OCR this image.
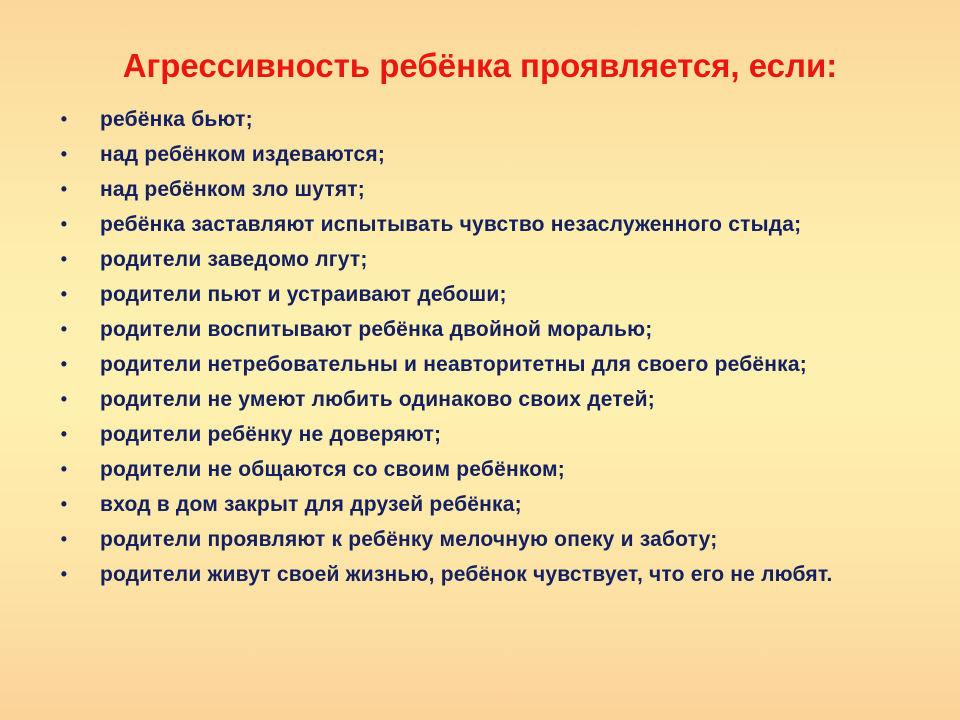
Агрессивность ребёнка проявляется, если:
•	ребёнка бьют;
•	над ребёнком издеваются;
•	над ребёнком зло шутят;
•	ребёнка заставляют испытывать чувство незаслуженного стыда;
•	родители заведомо лгут;
•	родители пьют и устраивают дебоши;
•	родители воспитывают ребёнка двойной моралью;
•	родители нетребовательны и неавторитетны для своего ребёнка;
•	родители не умеют любить одинаково своих детей;
•	родители ребёнку не доверяют;
•	родители не общаются со своим ребёнком;
•	вход в дом закрыт для друзей ребёнка;
•	родители проявляют к ребёнку мелочную опеку и заботу;
•	родители живут своей жизнью, ребёнок чувствует, что его не любят.
